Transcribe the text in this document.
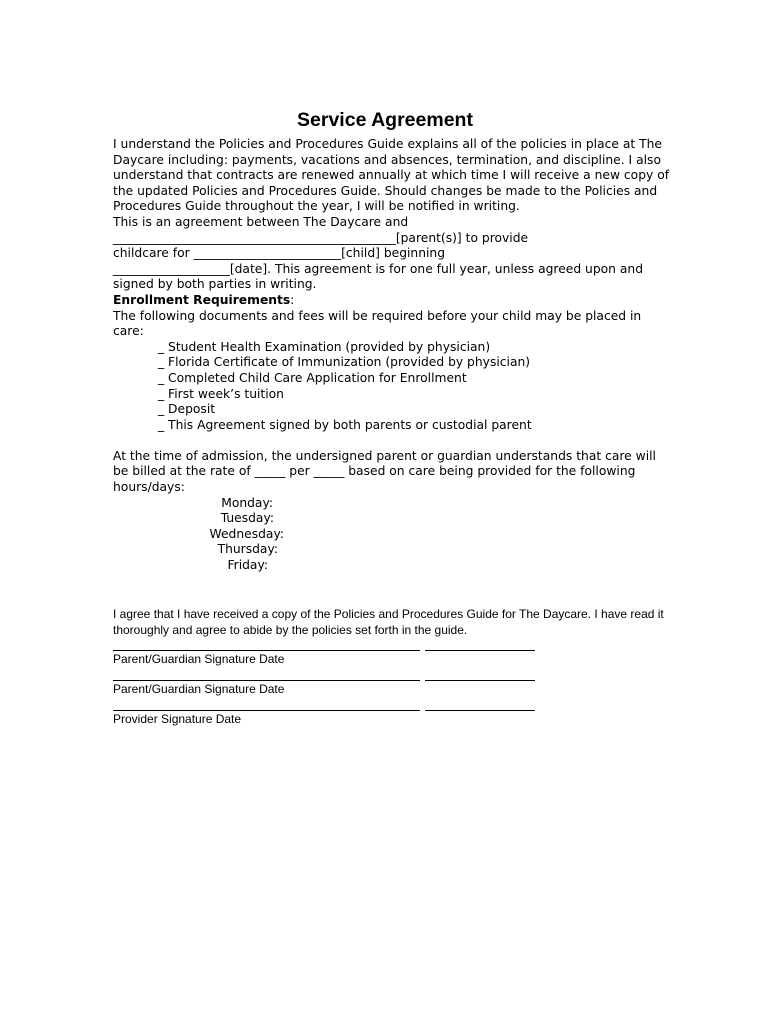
Service Agreement

I understand the Policies and Procedures Guide explains all of the policies in place at The Daycare including: payments, vacations and absences, termination, and discipline. I also understand that contracts are renewed annually at which time I will receive a new copy of the updated Policies and Procedures Guide. Should changes be made to the Policies and Procedures Guide throughout the year, I will be notified in writing.

This is an agreement between The Daycare and

______________________________________________[parent(s)] to provide

childcare for ________________________[child] beginning

___________________[date]. This agreement is for one full year, unless agreed upon and signed by both parties in writing.

Enrollment Requirements:

The following documents and fees will be required before your child may be placed in care:

_ Student Health Examination (provided by physician)
_ Florida Certificate of Immunization (provided by physician)
_ Completed Child Care Application for Enrollment
_ First week’s tuition
_ Deposit
_ This Agreement signed by both parents or custodial parent

At the time of admission, the undersigned parent or guardian understands that care will be billed at the rate of _____ per _____ based on care being provided for the following hours/days:

Monday:
Tuesday:
Wednesday:
Thursday:
Friday:

I agree that I have received a copy of the Policies and Procedures Guide for The Daycare. I have read it thoroughly and agree to abide by the policies set forth in the guide.

Parent/Guardian Signature Date
Parent/Guardian Signature Date
Provider Signature Date
